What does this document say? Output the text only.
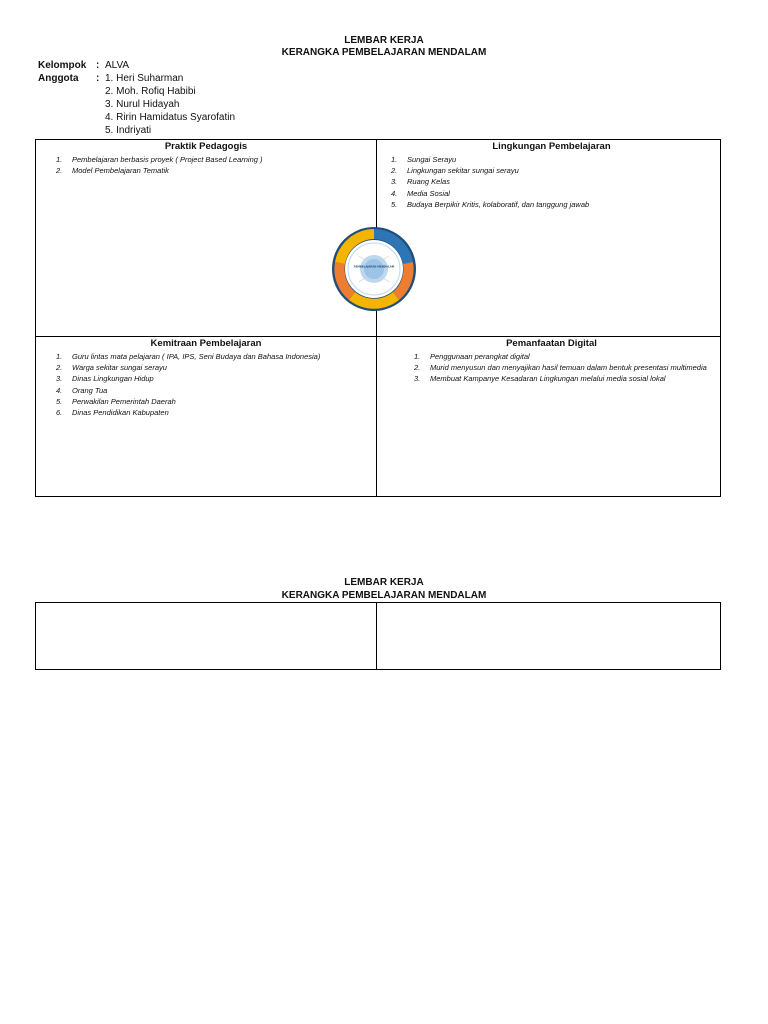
LEMBAR KERJA
KERANGKA PEMBELAJARAN MENDALAM
Kelompok : ALVA
Anggota	: 1. Heri Suharman
2. Moh. Rofiq Habibi
3. Nurul Hidayah
4. Ririn Hamidatus Syarofatin
5. Indriyati
Praktik Pedagogis
1.	Pembelajaran berbasis proyek ( Project Based Learning )
2.	Model Pembelajaran Tematik
Lingkungan Pembelajaran
1.	Sungai Serayu
2.	Lingkungan sekitar sungai serayu
3.	Ruang Kelas
4.	Media Sosial
5.	Budaya Berpikir Kritis, kolaboratif, dan tanggung jawab
Kemitraan Pembelajaran
1.	Guru lintas mata pelajaran ( IPA, IPS, Seni Budaya dan Bahasa Indonesia)
2.	Warga sekitar sungai serayu
3.	Dinas Lingkungan Hidup
4.	Orang Tua
5.	Perwakilan Pemerintah Daerah
6.	Dinas Pendidikan Kabupaten
Pemanfaatan Digital
1.	Penggunaan perangkat digital
2.	Murid menyusun dan menyajikan hasil temuan dalam bentuk presentasi multimedia
3.	Membuat Kampanye Kesadaran Lingkungan melalui media sosial lokal
PEMBELAJARAN MENDALAM
LEMBAR KERJA
KERANGKA PEMBELAJARAN MENDALAM
